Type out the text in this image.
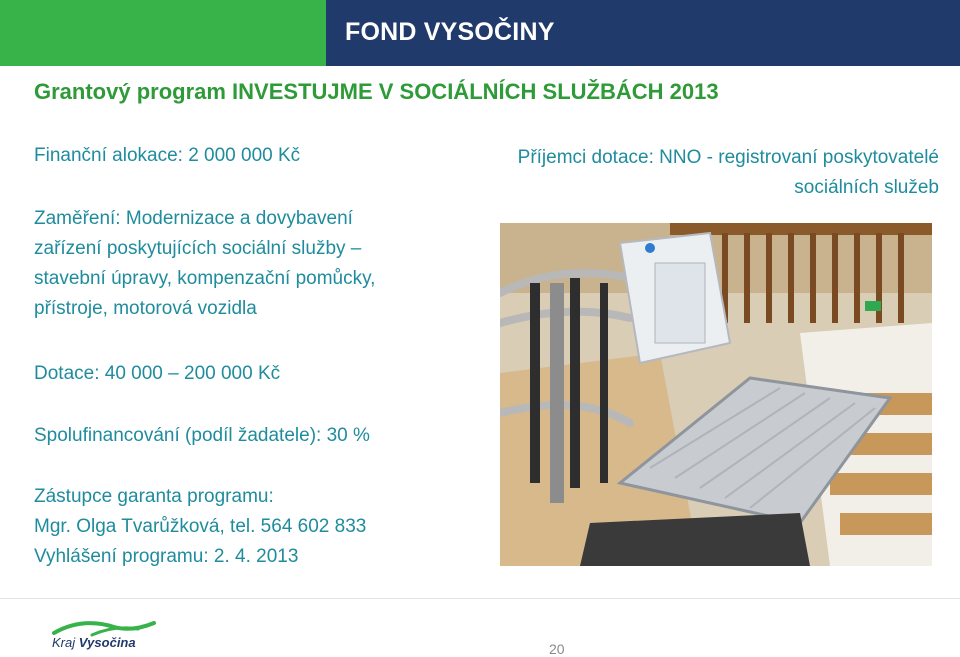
FOND VYSOČINY
Grantový program INVESTUJME V SOCIÁLNÍCH SLUŽBÁCH 2013
Finanční alokace: 2 000 000 Kč	Příjemci dotace: NNO - registrovaní poskytovatelé
sociálních služeb
Zaměření: Modernizace a dovybavení
zařízení poskytujících sociální služby –
stavební úpravy, kompenzační pomůcky,
přístroje, motorová vozidla
Dotace: 40 000 – 200 000 Kč
Spolufinancování (podíl žadatele): 30 %
Zástupce garanta programu:
Mgr. Olga Tvarůžková, tel. 564 602 833
Vyhlášení programu: 2. 4. 2013
Kraj Vysočina	20
